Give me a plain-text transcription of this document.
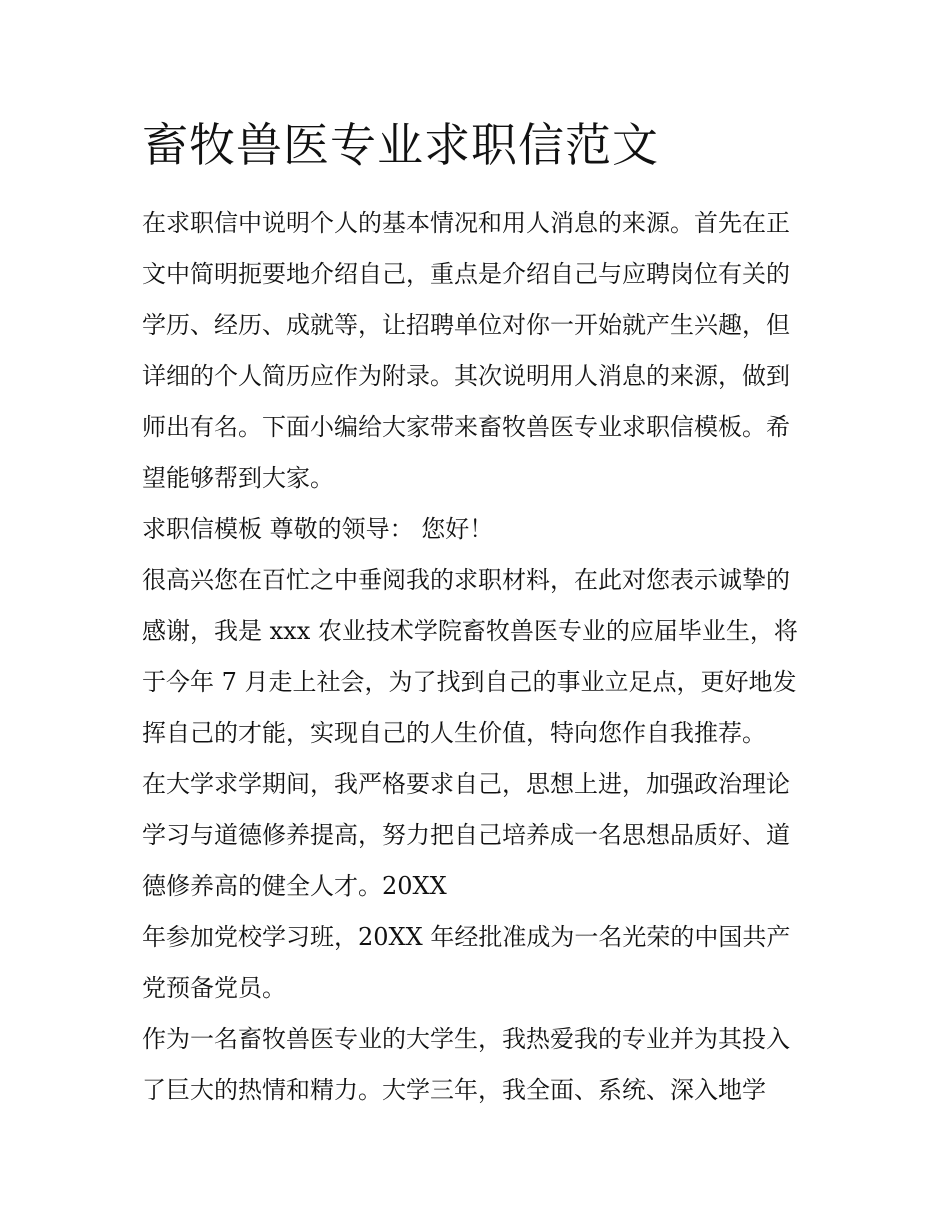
畜牧兽医专业求职信范文
在求职信中说明个人的基本情况和用人消息的来源。首先在正
文中简明扼要地介绍自己，重点是介绍自己与应聘岗位有关的
学历、经历、成就等，让招聘单位对你一开始就产生兴趣，但
详细的个人简历应作为附录。其次说明用人消息的来源，做到
师出有名。下面小编给大家带来畜牧兽医专业求职信模板。希
望能够帮到大家。
求职信模板 尊敬的领导： 您好！
很高兴您在百忙之中垂阅我的求职材料，在此对您表示诚挚的
感谢，我是 xxx 农业技术学院畜牧兽医专业的应届毕业生，将
于今年 7 月走上社会，为了找到自己的事业立足点，更好地发
挥自己的才能，实现自己的人生价值，特向您作自我推荐。
在大学求学期间，我严格要求自己，思想上进，加强政治理论
学习与道德修养提高，努力把自己培养成一名思想品质好、道
德修养高的健全人才。20XX
年参加党校学习班，20XX 年经批准成为一名光荣的中国共产
党预备党员。
作为一名畜牧兽医专业的大学生，我热爱我的专业并为其投入
了巨大的热情和精力。大学三年，我全面、系统、深入地学
